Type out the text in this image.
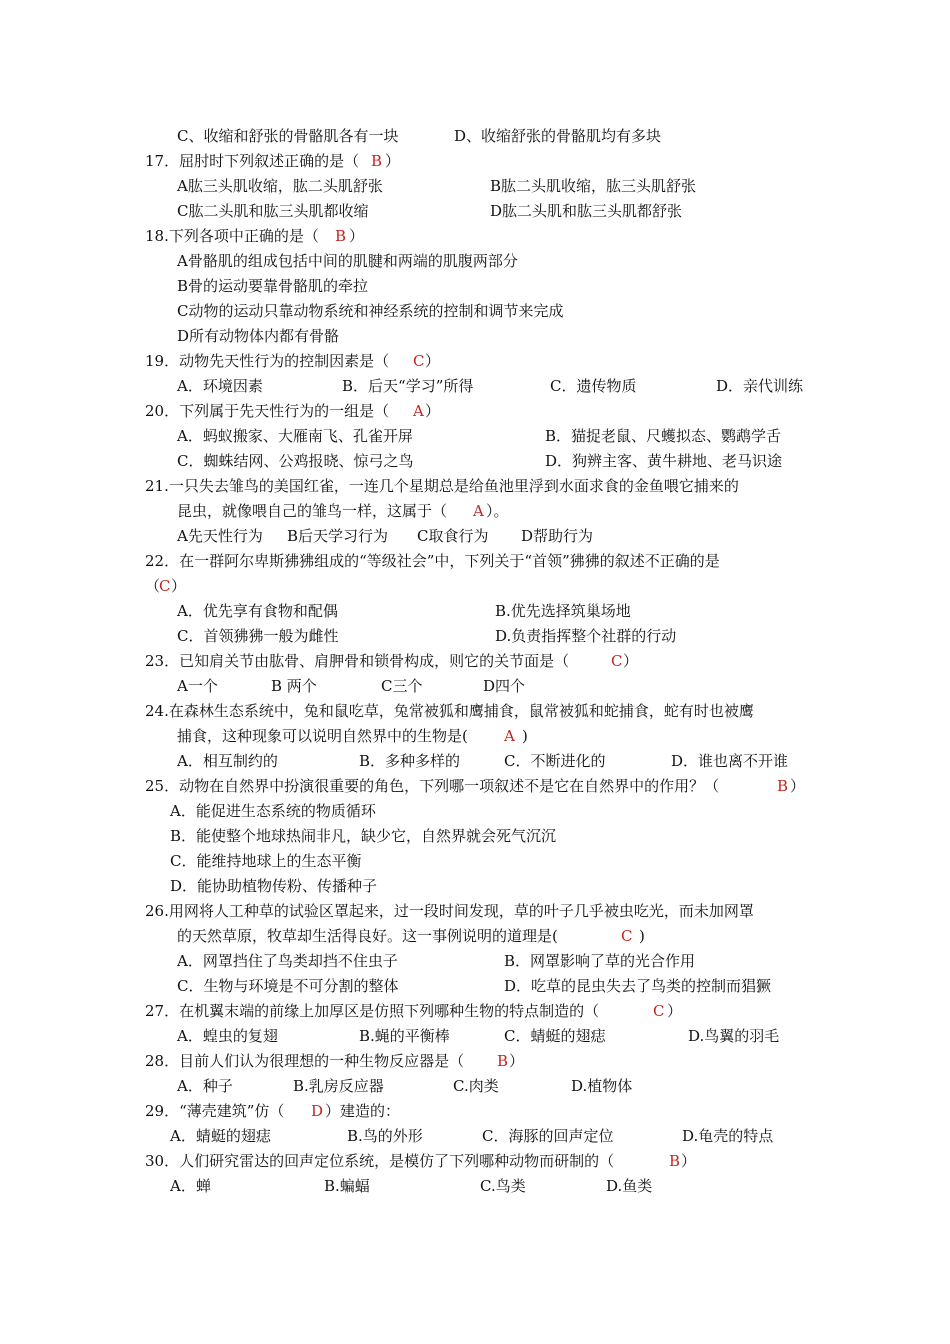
C、收缩和舒张的骨骼肌各有一块	D、收缩舒张的骨骼肌均有多块
17．屈肘时下列叙述正确的是（ B ）
A肱三头肌收缩，肱二头肌舒张	B肱二头肌收缩，肱三头肌舒张
C肱二头肌和肱三头肌都收缩	D肱二头肌和肱三头肌都舒张
18.下列各项中正确的是（ B ）
A骨骼肌的组成包括中间的肌腱和两端的肌腹两部分
B骨的运动要靠骨骼肌的牵拉
C动物的运动只靠动物系统和神经系统的控制和调节来完成
D所有动物体内都有骨骼
19．动物先天性行为的控制因素是（ C ）
A．环境因素	B．后天“学习”所得	C．遗传物质	D．亲代训练
20．下列属于先天性行为的一组是（ A ）
A．蚂蚁搬家、大雁南飞、孔雀开屏	B．猫捉老鼠、尺蠖拟态、鹦鹉学舌
C．蜘蛛结网、公鸡报晓、惊弓之鸟	D．狗辨主客、黄牛耕地、老马识途
21.一只失去雏鸟的美国红雀，一连几个星期总是给鱼池里浮到水面求食的金鱼喂它捕来的
昆虫，就像喂自己的雏鸟一样，这属于（ A ）。
A先天性行为 B后天学习行为 C取食行为 D帮助行为
22．在一群阿尔卑斯狒狒组成的“等级社会”中，下列关于“首领”狒狒的叙述不正确的是
（
C ）
A．优先享有食物和配偶	B.优先选择筑巢场地
C．首领狒狒一般为雌性	D.负责指挥整个社群的行动
23．已知肩关节由肱骨、肩胛骨和锁骨构成，则它的关节面是（	C ）
A一个	B 两个	C三个	D四个
24.在森林生态系统中，兔和鼠吃草，兔常被狐和鹰捕食，鼠常被狐和蛇捕食，蛇有时也被鹰
捕食，这种现象可以说明自然界中的生物是( A )
A．相互制约的	B．多种多样的	C．不断进化的	D．谁也离不开谁
25．动物在自然界中扮演很重要的角色，下列哪一项叙述不是它在自然界中的作用？（	B ）
A．能促进生态系统的物质循环
B．能使整个地球热闹非凡，缺少它，自然界就会死气沉沉
C．能维持地球上的生态平衡
D．能协助植物传粉、传播种子
26.用网将人工种草的试验区罩起来，过一段时间发现，草的叶子几乎被虫吃光，而未加网罩
的天然草原，牧草却生活得良好。这一事例说明的道理是(	C )
A．网罩挡住了鸟类却挡不住虫子	B．网罩影响了草的光合作用
C．生物与环境是不可分割的整体	D．吃草的昆虫失去了鸟类的控制而猖獗
27．在机翼末端的前缘上加厚区是仿照下列哪种生物的特点制造的（	C ）
A．蝗虫的复翅	B.蝇的平衡棒	C．蜻蜓的翅痣	D.鸟翼的羽毛
28．目前人们认为很理想的一种生物反应器是（ B ）
A．种子	B.乳房反应器	C.肉类	D.植物体
29．“薄壳建筑”仿（ D ）建造的：
A．蜻蜓的翅痣	B.鸟的外形	C．海豚的回声定位	D.龟壳的特点
30．人们研究雷达的回声定位系统，是模仿了下列哪种动物而研制的（	B ）
A．蝉	B.蝙蝠	C.鸟类	D.鱼类
